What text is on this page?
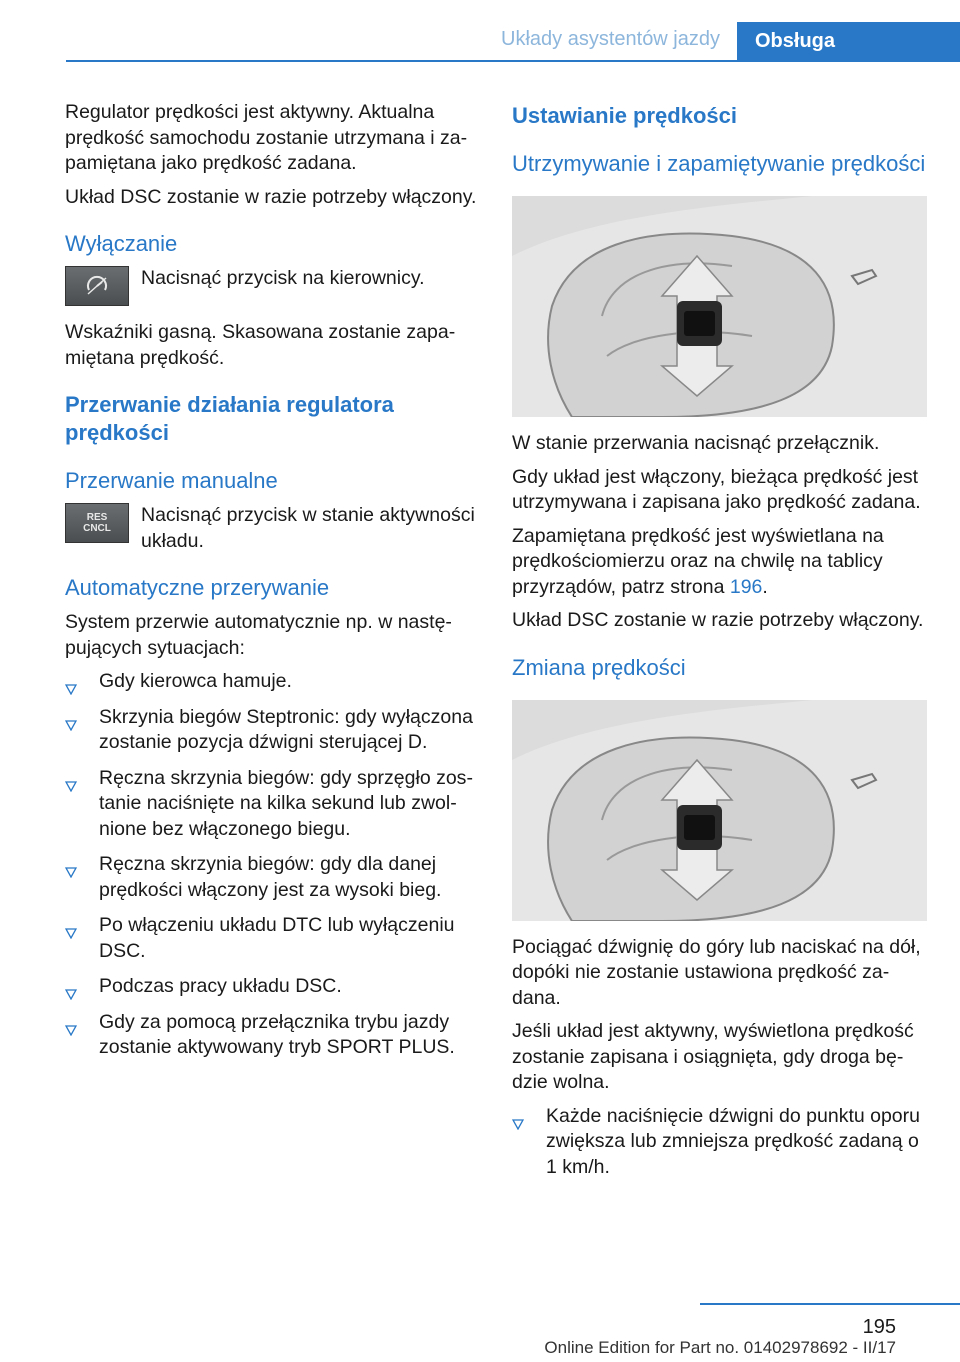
Układy asystentów jazdy	Obsługa

Regulator prędkości jest aktywny. Aktualna prędkość samochodu zostanie utrzymana i zapamiętana jako prędkość zadana.

Układ DSC zostanie w razie potrzeby włączony.

Wyłączanie

Nacisnąć przycisk na kierownicy.

Wskaźniki gasną. Skasowana zostanie zapamiętana prędkość.

Przerwanie działania regulatora prędkości
Przerwanie manualne
RES
CNCL

Nacisnąć przycisk w stanie aktywności układu.

Automatyczne przerywanie

System przerwie automatycznie np. w następujących sytuacjach:

Gdy kierowca hamuje.
Skrzynia biegów Steptronic: gdy wyłączona zostanie pozycja dźwigni sterującej D.
Ręczna skrzynia biegów: gdy sprzęgło zostanie naciśnięte na kilka sekund lub zwolnione bez włączonego biegu.
Ręczna skrzynia biegów: gdy dla danej prędkości włączony jest za wysoki bieg.
Po włączeniu układu DTC lub wyłączeniu DSC.
Podczas pracy układu DSC.
Gdy za pomocą przełącznika trybu jazdy zostanie aktywowany tryb SPORT PLUS.
Ustawianie prędkości
Utrzymywanie i zapamiętywanie prędkości

W stanie przerwania nacisnąć przełącznik.

Gdy układ jest włączony, bieżąca prędkość jest utrzymywana i zapisana jako prędkość zadana.

Zapamiętana prędkość jest wyświetlana na prędkościomierzu oraz na chwilę na tablicy przyrządów, patrz strona 196.

Układ DSC zostanie w razie potrzeby włączony.

Zmiana prędkości

Pociągać dźwignię do góry lub naciskać na dół, dopóki nie zostanie ustawiona prędkość zadana.

Jeśli układ jest aktywny, wyświetlona prędkość zostanie zapisana i osiągnięta, gdy droga będzie wolna.

Każde naciśnięcie dźwigni do punktu oporu zwiększa lub zmniejsza prędkość zadaną o 1 km/h.
195
Online Edition for Part no. 01402978692 - II/17
